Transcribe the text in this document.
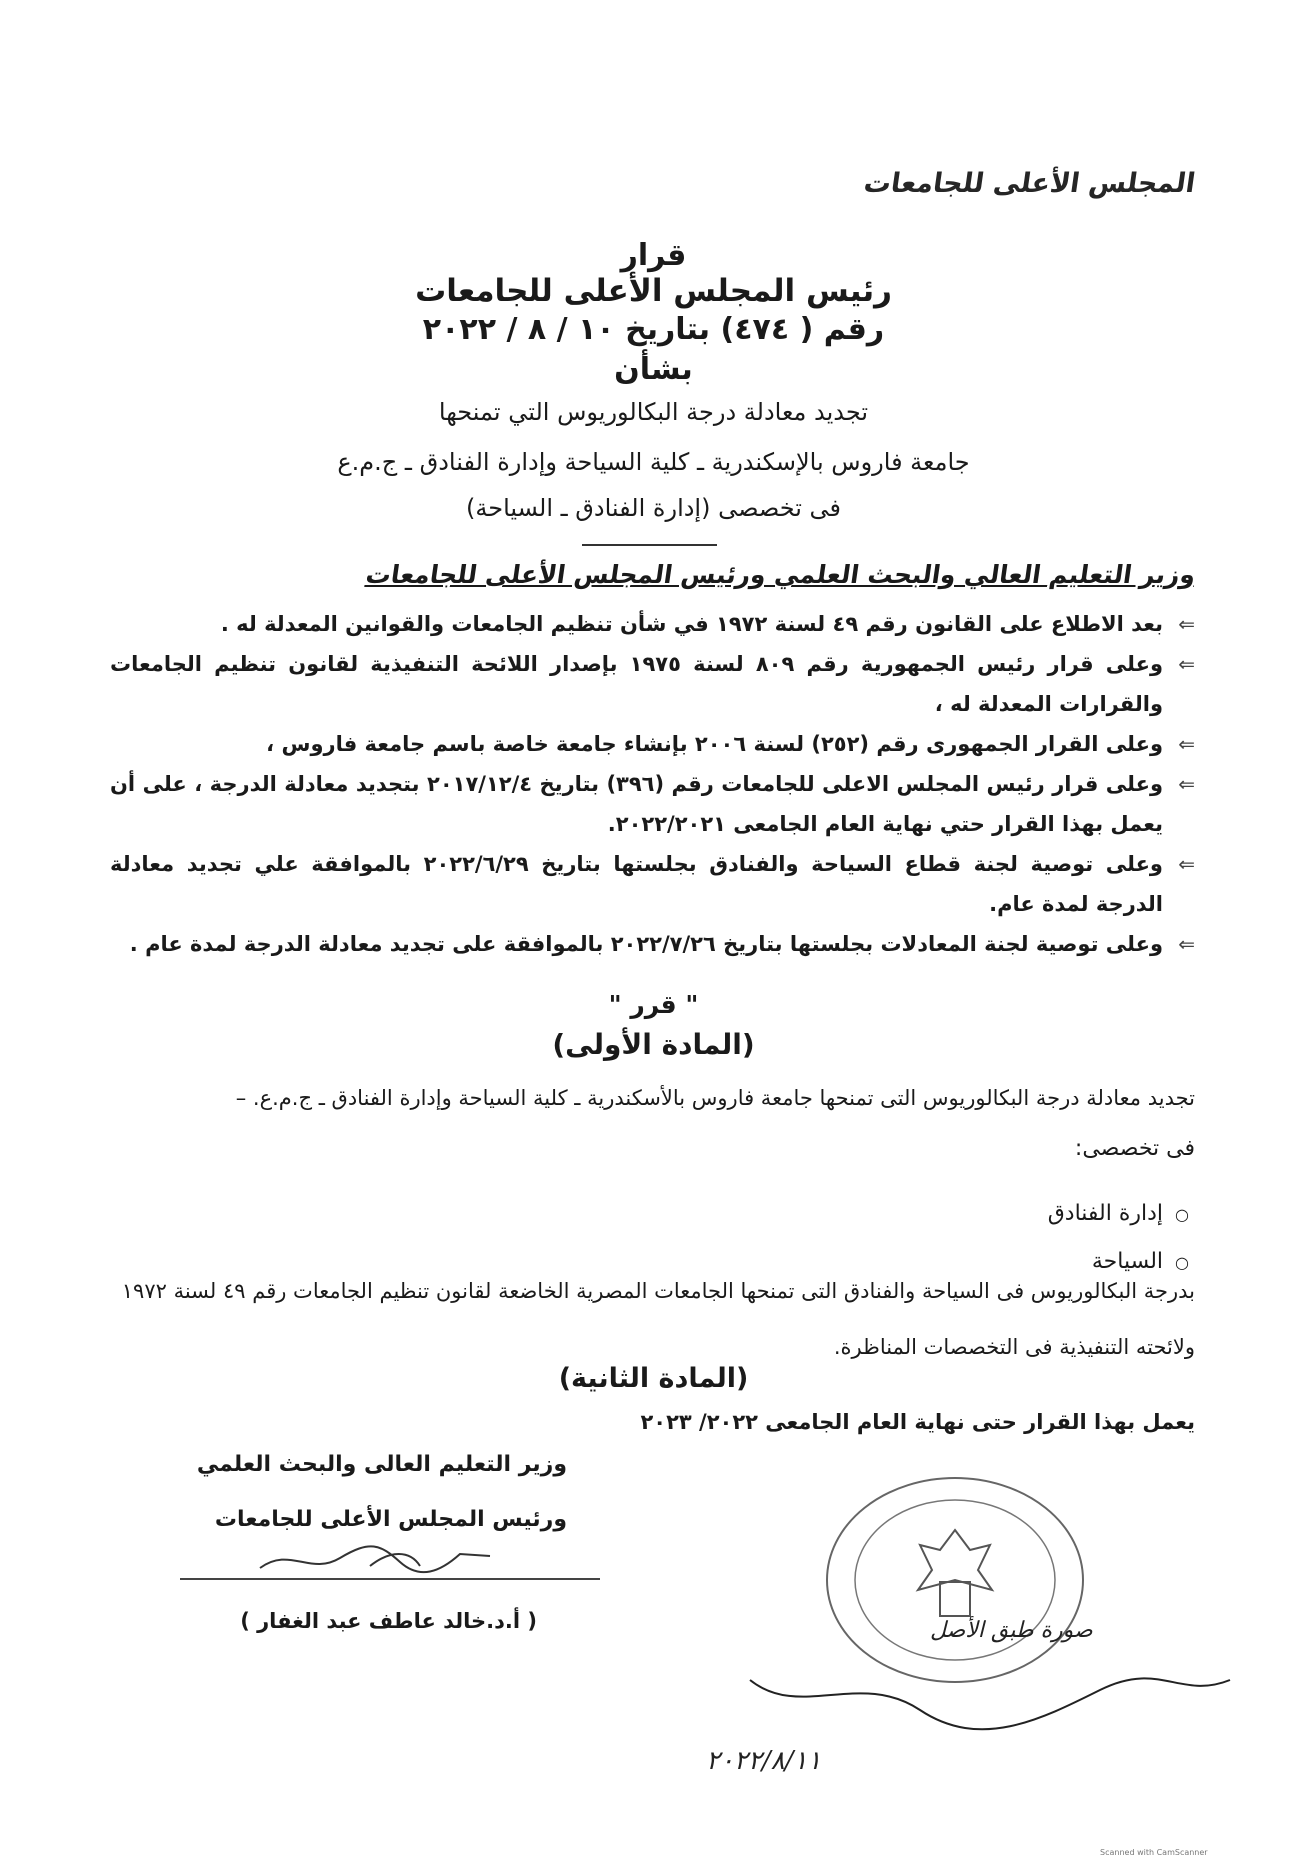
المجلس الأعلى للجامعات
قرار
رئيس المجلس الأعلى للجامعات
رقم ( ٤٧٤) بتاريخ ١٠ / ٨ / ٢٠٢٢
بشأن
تجديد معادلة درجة البكالوريوس التي تمنحها
جامعة فاروس بالإسكندرية ـ كلية السياحة وإدارة الفنادق ـ ج.م.ع
فى تخصصى (إدارة الفنادق ـ السياحة)
وزير التعليم العالي والبحث العلمي ورئيس المجلس الأعلى للجامعات
⇐
بعد الاطلاع على القانون رقم ٤٩ لسنة ١٩٧٢ في شأن تنظيم الجامعات والقوانين المعدلة له .
⇐
وعلى قرار رئيس الجمهورية رقم ٨٠٩ لسنة ١٩٧٥ بإصدار اللائحة التنفيذية لقانون تنظيم الجامعات والقرارات المعدلة له ،
⇐
وعلى القرار الجمهورى رقم (٢٥٢) لسنة ٢٠٠٦ بإنشاء جامعة خاصة باسم جامعة فاروس ،
⇐
وعلى قرار رئيس المجلس الاعلى للجامعات رقم (٣٩٦) بتاريخ ٢٠١٧/١٢/٤ بتجديد معادلة الدرجة ، على أن يعمل بهذا القرار حتي نهاية العام الجامعى ٢٠٢٢/٢٠٢١.
⇐
وعلى توصية لجنة قطاع السياحة والفنادق بجلستها بتاريخ ٢٠٢٢/٦/٢٩ بالموافقة علي تجديد معادلة الدرجة لمدة عام.
⇐
وعلى توصية لجنة المعادلات بجلستها بتاريخ ٢٠٢٢/٧/٢٦ بالموافقة على تجديد معادلة الدرجة لمدة عام .
" قرر "
(المادة الأولى)
تجديد معادلة درجة البكالوريوس التى تمنحها جامعة فاروس بالأسكندرية ـ كلية السياحة وإدارة الفنادق ـ ج.م.ع. –
فى تخصصى:
○إدارة الفنادق
○السياحة
بدرجة البكالوريوس فى السياحة والفنادق التى تمنحها الجامعات المصرية الخاضعة لقانون تنظيم الجامعات رقم ٤٩ لسنة ١٩٧٢ ولائحته التنفيذية فى التخصصات المناظرة.
(المادة الثانية)
يعمل بهذا القرار حتى نهاية العام الجامعى ٢٠٢٢/ ٢٠٢٣
وزير التعليم العالى والبحث العلمي
ورئيس المجلس الأعلى للجامعات
( أ.د.خالد عاطف عبد الغفار )	صورة طبق الأصل
٢٠٢٢/٨/١١
Scanned with CamScanner
